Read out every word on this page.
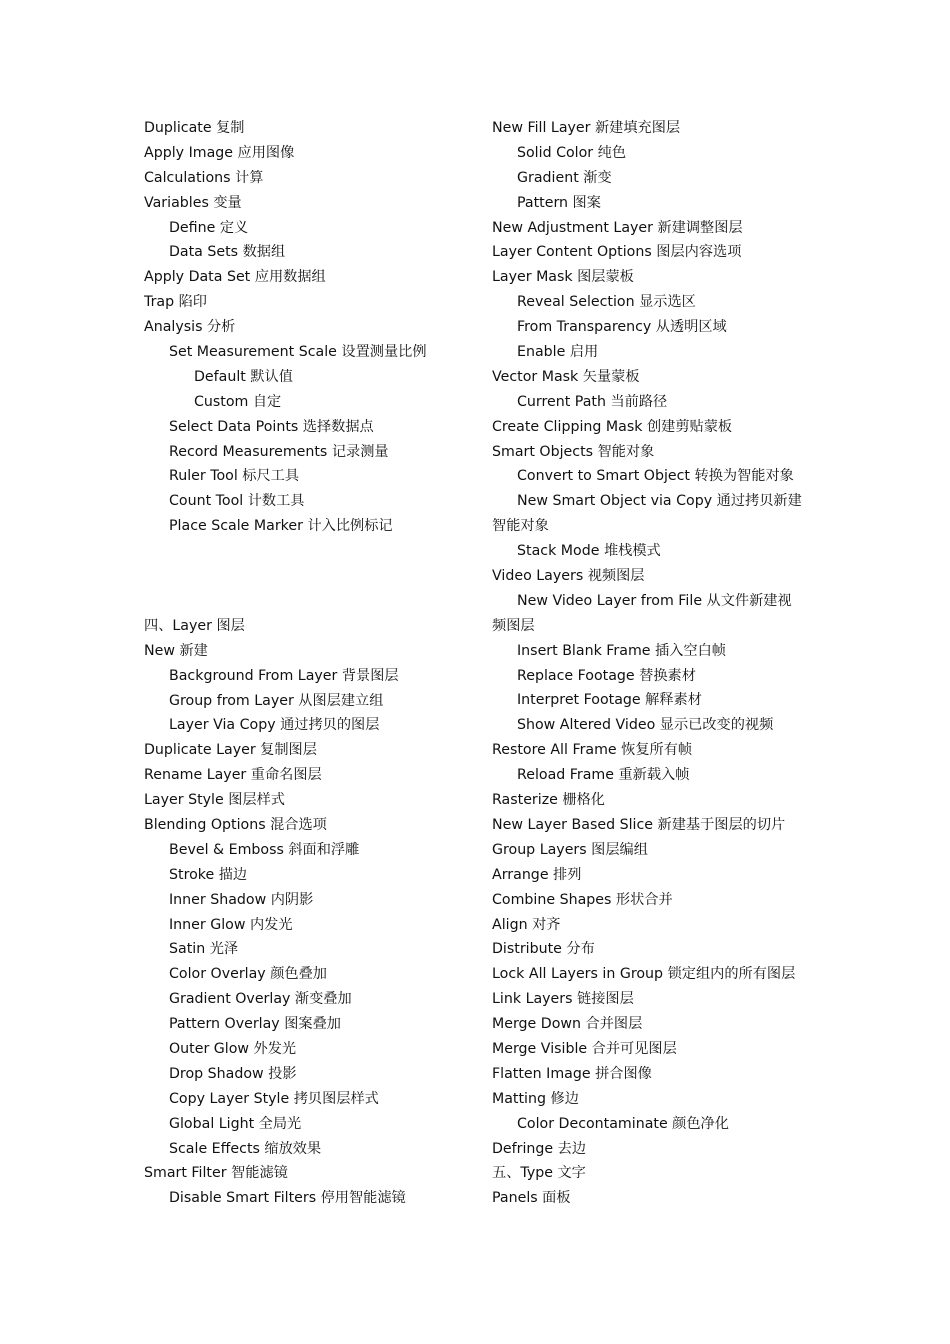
Duplicate 复制
Apply Image 应用图像
Calculations 计算
Variables 变量
Define 定义
Data Sets 数据组
Apply Data Set 应用数据组
Trap 陷印
Analysis 分析
Set Measurement Scale 设置测量比例
Default 默认值
Custom 自定
Select Data Points 选择数据点
Record Measurements 记录测量
Ruler Tool 标尺工具
Count Tool 计数工具
Place Scale Marker 计入比例标记
四、Layer 图层
New 新建
Background From Layer 背景图层
Group from Layer 从图层建立组
Layer Via Copy 通过拷贝的图层
Duplicate Layer 复制图层
Rename Layer 重命名图层
Layer Style 图层样式
Blending Options 混合选项
Bevel & Emboss 斜面和浮雕
Stroke 描边
Inner Shadow 内阴影
Inner Glow 内发光
Satin 光泽
Color Overlay 颜色叠加
Gradient Overlay 渐变叠加
Pattern Overlay 图案叠加
Outer Glow 外发光
Drop Shadow 投影
Copy Layer Style 拷贝图层样式
Global Light 全局光
Scale Effects 缩放效果
Smart Filter 智能滤镜
Disable Smart Filters 停用智能滤镜
New Fill Layer 新建填充图层
Solid Color 纯色
Gradient 渐变
Pattern 图案
New Adjustment Layer 新建调整图层
Layer Content Options 图层内容选项
Layer Mask 图层蒙板
Reveal Selection 显示选区
From Transparency 从透明区域
Enable 启用
Vector Mask 矢量蒙板
Current Path 当前路径
Create Clipping Mask 创建剪贴蒙板
Smart Objects 智能对象
Convert to Smart Object 转换为智能对象
New Smart Object via Copy 通过拷贝新建
智能对象
Stack Mode 堆栈模式
Video Layers 视频图层
New Video Layer from File 从文件新建视
频图层
Insert Blank Frame 插入空白帧
Replace Footage 替换素材
Interpret Footage 解释素材
Show Altered Video 显示已改变的视频
Restore All Frame 恢复所有帧
Reload Frame 重新载入帧
Rasterize 栅格化
New Layer Based Slice 新建基于图层的切片
Group Layers 图层编组
Arrange 排列
Combine Shapes 形状合并
Align 对齐
Distribute 分布
Lock All Layers in Group 锁定组内的所有图层
Link Layers 链接图层
Merge Down 合并图层
Merge Visible 合并可见图层
Flatten Image 拼合图像
Matting 修边
Color Decontaminate 颜色净化
Defringe 去边
五、Type 文字
Panels 面板
